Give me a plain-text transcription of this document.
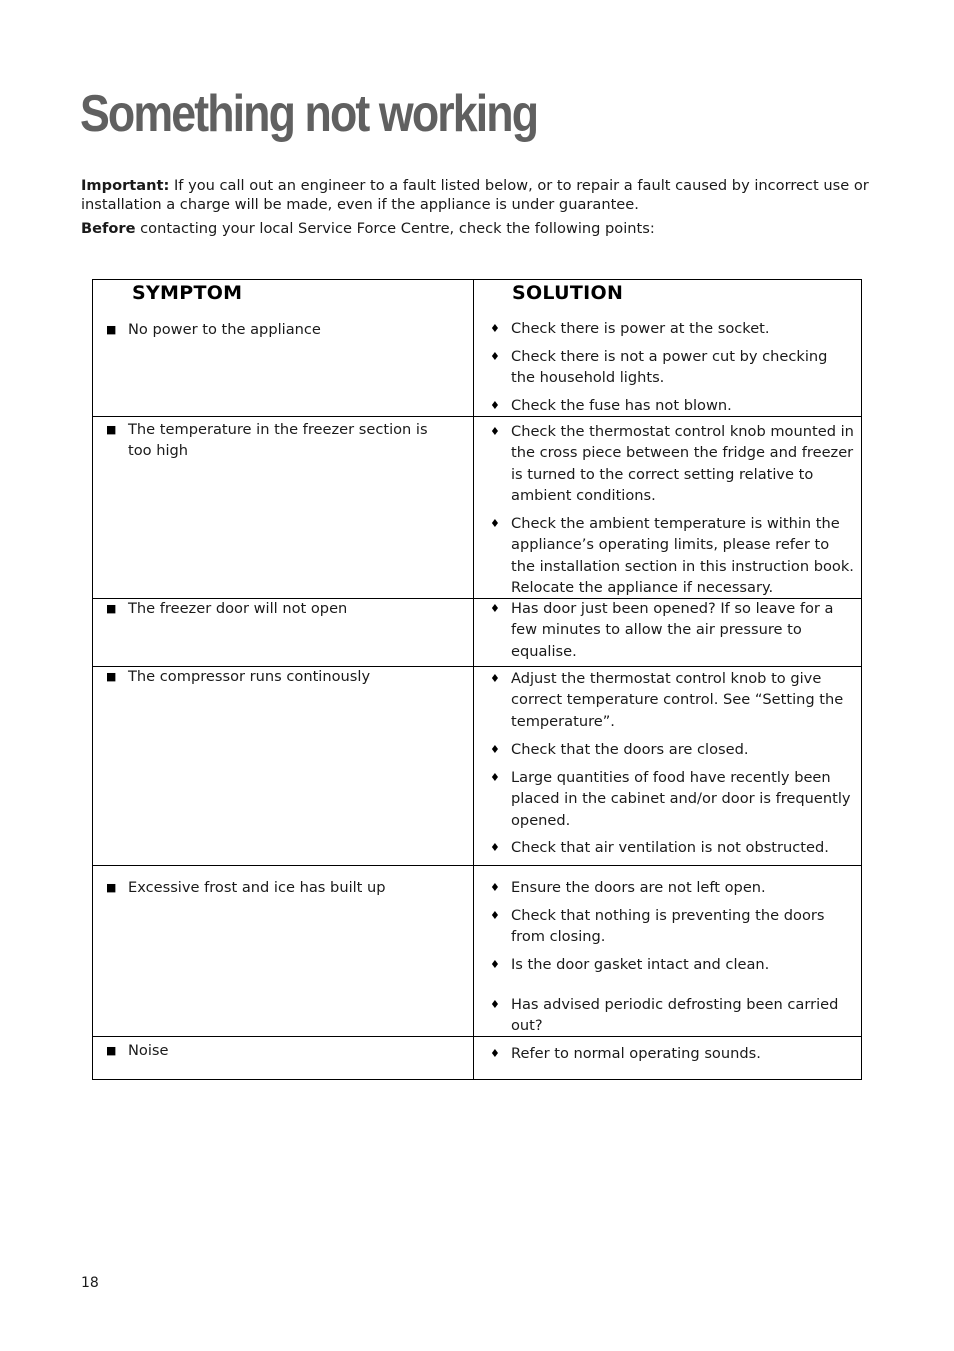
Something not working

Important: If you call out an engineer to a fault listed below, or to repair a fault caused by incorrect use or installation a charge will be made, even if the appliance is under guarantee.

Before contacting your local Service Force Centre, check the following points:

SYMPTOM	SOLUTION
■ No power to the appliance	♦ Check there is power at the socket.
♦ Check there is not a power cut by checking the household lights.
♦ Check the fuse has not blown.
■ The temperature in the freezer section is too high
♦ Check the thermostat control knob mounted in the cross piece between the fridge and freezer is turned to the correct setting relative to ambient conditions.
♦ Check the ambient temperature is within the appliance’s operating limits, please refer to the installation section in this instruction book. Relocate the appliance if necessary.
■ The freezer door will not open	♦ Has door just been opened? If so leave for a few minutes to allow the air pressure to equalise.
■ The compressor runs continously	♦ Adjust the thermostat control knob to give correct temperature control. See “Setting the temperature”.
♦ Check that the doors are closed.
♦ Large quantities of food have recently been placed in the cabinet and/or door is frequently opened.
♦ Check that air ventilation is not obstructed.
■ Excessive frost and ice has built up	♦ Ensure the doors are not left open.
♦ Check that nothing is preventing the doors from closing.
♦ Is the door gasket intact and clean.
♦ Has advised periodic defrosting been carried out?
■ Noise	♦ Refer to normal operating sounds.
18
